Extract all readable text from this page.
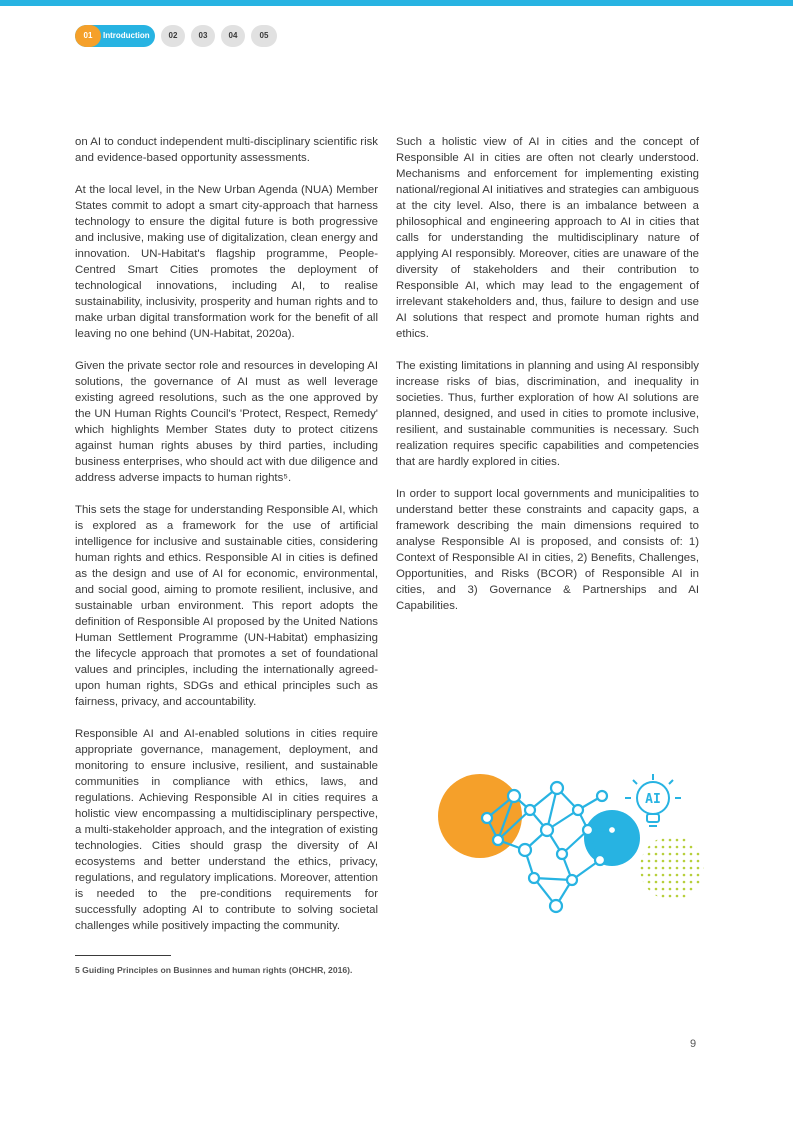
01 Introduction	02	03	04	05

on AI to conduct independent multi-disciplinary scientific risk and evidence-based opportunity assessments.

At the local level, in the New Urban Agenda (NUA) Member States commit to adopt a smart city-approach that harness technology to ensure the digital future is both progressive and inclusive, making use of digitalization, clean energy and innovation. UN-Habitat's flagship programme, People-Centred Smart Cities promotes the deployment of technological innovations, including AI, to realise sustainability, inclusivity, prosperity and human rights and to make urban digital transformation work for the benefit of all leaving no one behind (UN-Habitat, 2020a).

Given the private sector role and resources in developing AI solutions, the governance of AI must as well leverage existing agreed resolutions, such as the one approved by the UN Human Rights Council's 'Protect, Respect, Remedy' which highlights Member States duty to protect citizens against human rights abuses by third parties, including business enterprises, who should act with due diligence and address adverse impacts to human rights⁵.

This sets the stage for understanding Responsible AI, which is explored as a framework for the use of artificial intelligence for inclusive and sustainable cities, considering human rights and ethics. Responsible AI in cities is defined as the design and use of AI for economic, environmental, and social good, aiming to promote resilient, inclusive, and sustainable urban environment. This report adopts the definition of Responsible AI proposed by the United Nations Human Settlement Programme (UN-Habitat) emphasizing the lifecycle approach that promotes a set of foundational values and principles, including the internationally agreed-upon human rights, SDGs and ethical principles such as fairness, privacy, and accountability.

Responsible AI and AI-enabled solutions in cities require appropriate governance, management, deployment, and monitoring to ensure inclusive, resilient, and sustainable communities in compliance with ethics, laws, and regulations. Achieving Responsible AI in cities requires a holistic view encompassing a multidisciplinary perspective, a multi-stakeholder approach, and the integration of existing technologies. Cities should grasp the diversity of AI ecosystems and better understand the ethics, privacy, regulations, and regulatory implications. Moreover, attention is needed to the pre-conditions requirements for successfully adopting AI to contribute to solving societal challenges while positively impacting the community.

Such a holistic view of AI in cities and the concept of Responsible AI in cities are often not clearly understood. Mechanisms and enforcement for implementing existing national/regional AI initiatives and strategies can ambiguous at the city level. Also, there is an imbalance between a philosophical and engineering approach to AI in cities that calls for understanding the multidisciplinary nature of applying AI responsibly. Moreover, cities are unaware of the diversity of stakeholders and their contribution to Responsible AI, which may lead to the engagement of irrelevant stakeholders and, thus, failure to design and use AI solutions that respect and promote human rights and ethics.

The existing limitations in planning and using AI responsibly increase risks of bias, discrimination, and inequality in societies. Thus, further exploration of how AI solutions are planned, designed, and used in cities to promote inclusive, resilient, and sustainable communities is necessary. Such realization requires specific capabilities and competencies that are hardly explored in cities.

In order to support local governments and municipalities to understand better these constraints and capacity gaps, a framework describing the main dimensions required to analyse Responsible AI is proposed, and consists of: 1) Context of Responsible AI in cities, 2) Benefits, Challenges, Opportunities, and Risks (BCOR) of Responsible AI in cities, and 3) Governance & Partnerships and AI Capabilities.

AI
5 Guiding Principles on Businnes and human rights (OHCHR, 2016).
9
